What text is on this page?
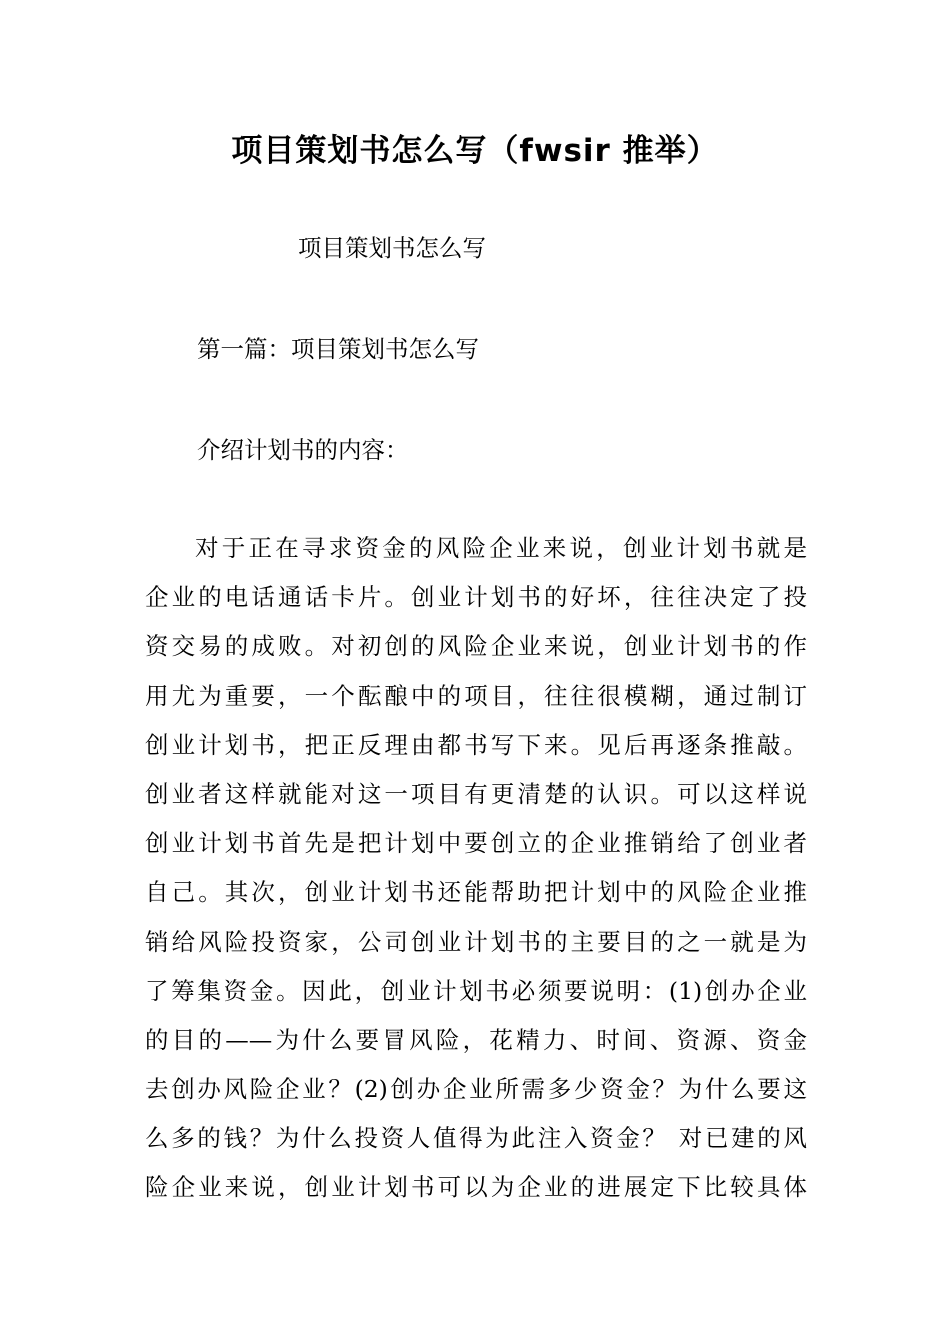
项目策划书怎么写（fwsir 推举）
项目策划书怎么写
第一篇：项目策划书怎么写
介绍计划书的内容：
对于正在寻求资金的风险企业来说，创业计划书就是
企业的电话通话卡片。创业计划书的好坏，往往决定了投
资交易的成败。对初创的风险企业来说，创业计划书的作
用尤为重要，一个酝酿中的项目，往往很模糊，通过制订
创业计划书，把正反理由都书写下来。见后再逐条推敲。
创业者这样就能对这一项目有更清楚的认识。可以这样说
创业计划书首先是把计划中要创立的企业推销给了创业者
自己。其次，创业计划书还能帮助把计划中的风险企业推
销给风险投资家，公司创业计划书的主要目的之一就是为
了筹集资金。因此，创业计划书必须要说明：(1)创办企业
的目的——为什么要冒风险，花精力、时间、资源、资金
去创办风险企业？(2)创办企业所需多少资金？为什么要这
么多的钱？为什么投资人值得为此注入资金？ 对已建的风
险企业来说，创业计划书可以为企业的进展定下比较具体
